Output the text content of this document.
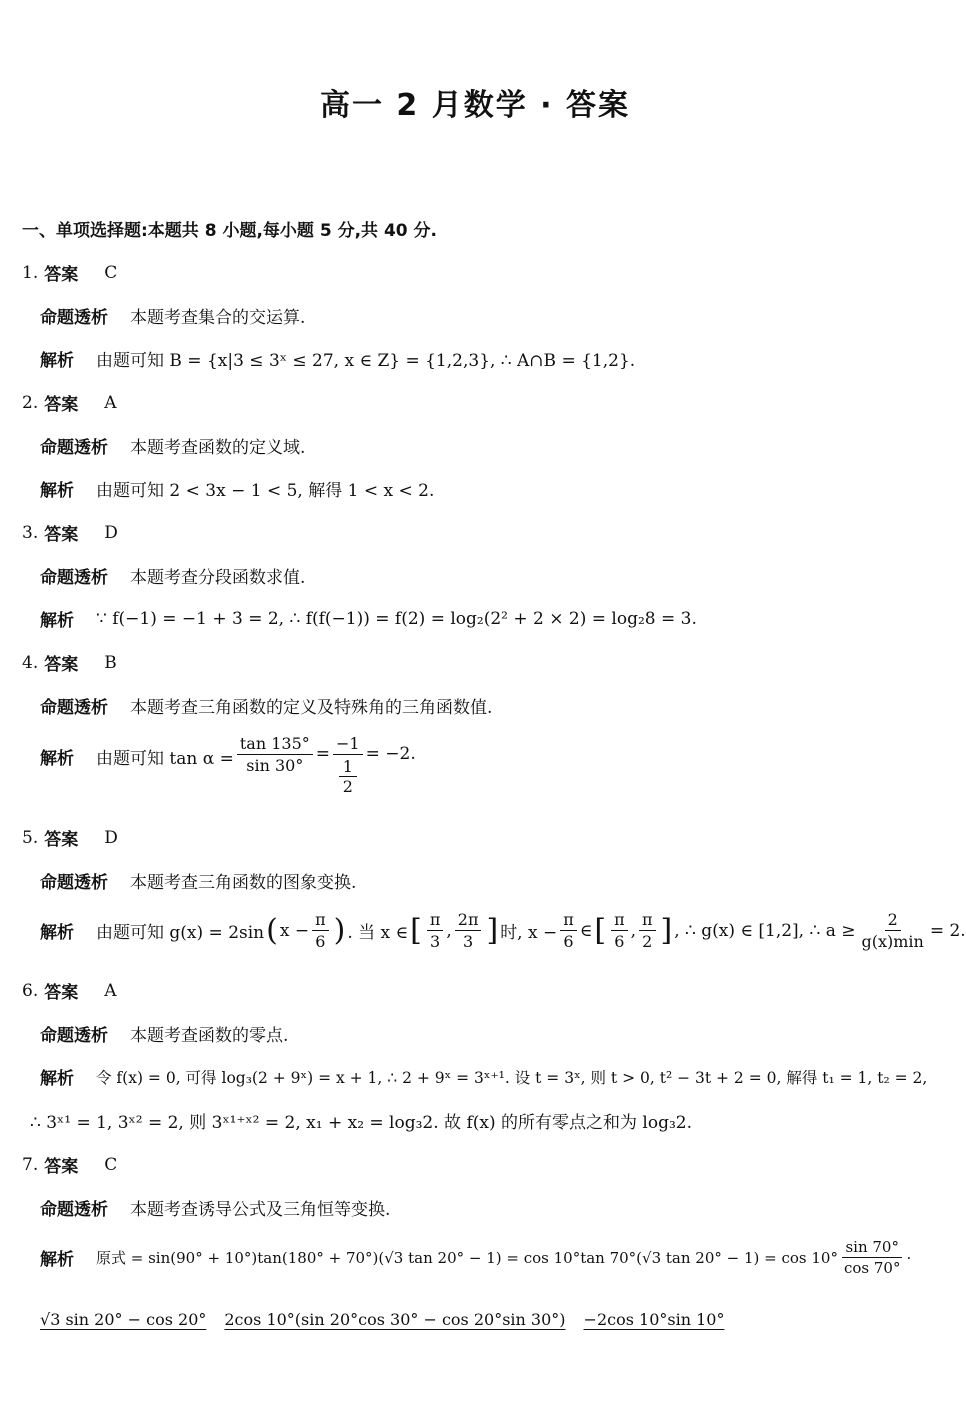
高一 2 月数学 · 答案
一、单项选择题:本题共 8 小题,每小题 5 分,共 40 分.
1. 答案 C
命题透析 本题考查集合的交运算.
解析 由题可知 B = {x|3 ≤ 3ˣ ≤ 27, x ∈ Z} = {1,2,3}, ∴ A∩B = {1,2}.
2. 答案 A
命题透析 本题考查函数的定义域.
解析 由题可知 2 < 3x − 1 < 5, 解得 1 < x < 2.
3. 答案 D
命题透析 本题考查分段函数求值.
解析 ∵ f(−1) = −1 + 3 = 2, ∴ f(f(−1)) = f(2) = log₂(2² + 2 × 2) = log₂8 = 3.
4. 答案 B
命题透析 本题考查三角函数的定义及特殊角的三角函数值.
解析 由题可知 $\tan \alpha = \frac{\tan 135^\circ}{\sin 30^\circ} = \frac{-1}{\frac{1}{2}} = -2$.
5. 答案 D
命题透析 本题考查三角函数的图象变换.
解析 由题可知 g(x) = 2sin ( $x - \frac{\pi}{6}$ ) . 当 x ∈ [ $\frac{\pi}{3}$ , $\frac{2\pi}{3}$ ] 时, $x - \frac{\pi}{6}$ ∈ [ $\frac{\pi}{6}$ , $\frac{\pi}{2}$ ] , ∴ g(x) ∈ [1,2], ∴ $a \ge \frac{2}{g(x)\min} = 2$.
6. 答案 A
命题透析 本题考查函数的零点.
解析 令 f(x) = 0, 可得 log₃(2 + 9ˣ) = x + 1, ∴ 2 + 9ˣ = 3ˣ⁺¹. 设 t = 3ˣ, 则 t > 0, t² − 3t + 2 = 0, 解得 t₁ = 1, t₂ = 2,
∴ 3ˣ¹ = 1, 3ˣ² = 2, 则 3ˣ¹⁺ˣ² = 2, x₁ + x₂ = log₃2. 故 f(x) 的所有零点之和为 log₃2.
7. 答案 C
命题透析 本题考查诱导公式及三角恒等变换.
解析 原式 = sin(90° + 10°)tan(180° + 70°)(√3 tan 20° − 1) = cos 10°tan 70°(√3 $\tan 20^\circ - 1) = \cos 10^\circ \frac{\sin 70^\circ}{\cos 70^\circ}$ ·
√3 sin 20° − cos 20° 2cos 10°(sin 20°cos 30° − cos 20°sin 30°) −2cos 10°sin 10°
